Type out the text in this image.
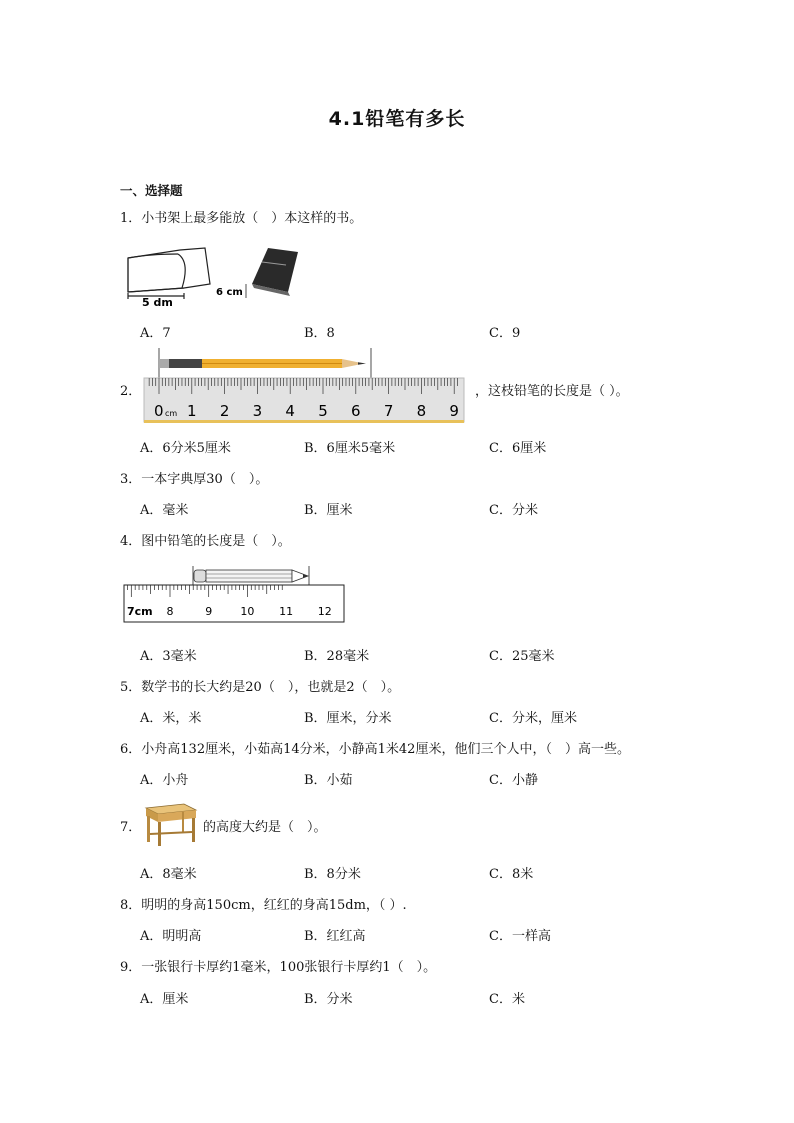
4.1铅笔有多长
一、选择题
1．小书架上最多能放（　）本这样的书。
5 dm
6 cm
A．7	B．8	C．9
2．
0 cm 1 2 3 4 5 6 7 8 9
，这枝铅笔的长度是（ ）。
A．6分米5厘米	B．6厘米5毫米	C．6厘米
3．一本字典厚30（　）。
A．毫米	B．厘米	C．分米
4．图中铅笔的长度是（　）。
7cm 8	9	10 11 12
A．3毫米	B．28毫米	C．25毫米
5．数学书的长大约是20（　），也就是2（　）。
A．米，米	B．厘米，分米	C．分米，厘米
6．小舟高132厘米，小茹高14分米，小静高1米42厘米，他们三个人中，（　）高一些。
A．小舟	B．小茹	C．小静
7．	的高度大约是（　）。
A．8毫米	B．8分米	C．8米
8．明明的身高150cm，红红的身高15dm，（ ）.
A．明明高	B．红红高	C．一样高
9．一张银行卡厚约1毫米，100张银行卡厚约1（　）。
A．厘米	B．分米	C．米
